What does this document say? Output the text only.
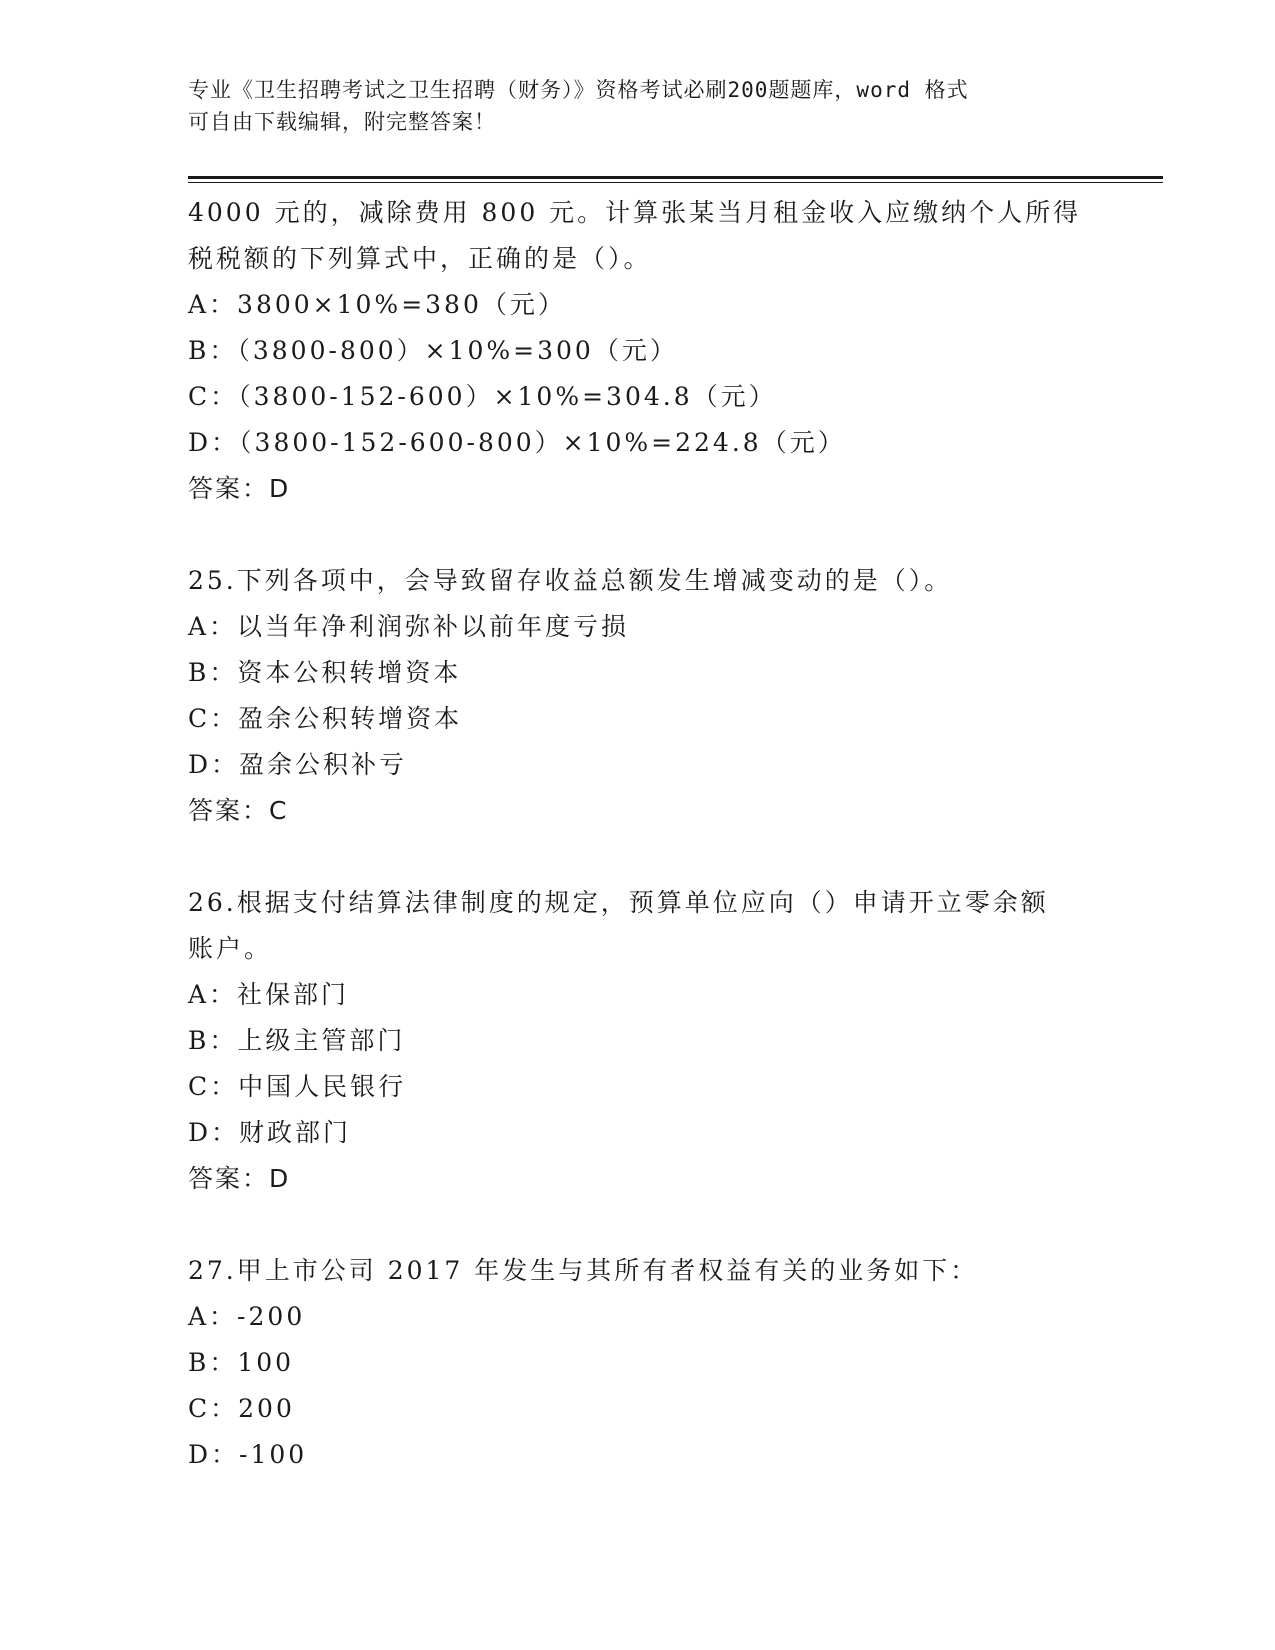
专业《卫生招聘考试之卫生招聘（财务）》资格考试必刷200题题库，word 格式
可自由下载编辑，附完整答案！
4000 元的，减除费用 800 元。计算张某当月租金收入应缴纳个人所得
税税额的下列算式中，正确的是（）。
A：3800×10%=380（元）
B：（3800-800）×10%=300（元）
C：（3800-152-600）×10%=304.8（元）
D：（3800-152-600-800）×10%=224.8（元）
答案：D
25.下列各项中，会导致留存收益总额发生增减变动的是（）。
A：以当年净利润弥补以前年度亏损
B：资本公积转增资本
C：盈余公积转增资本
D：盈余公积补亏
答案：C
26.根据支付结算法律制度的规定，预算单位应向（）申请开立零余额
账户。
A：社保部门
B：上级主管部门
C：中国人民银行
D：财政部门
答案：D
27.甲上市公司 2017 年发生与其所有者权益有关的业务如下：
A：-200
B：100
C：200
D：-100
